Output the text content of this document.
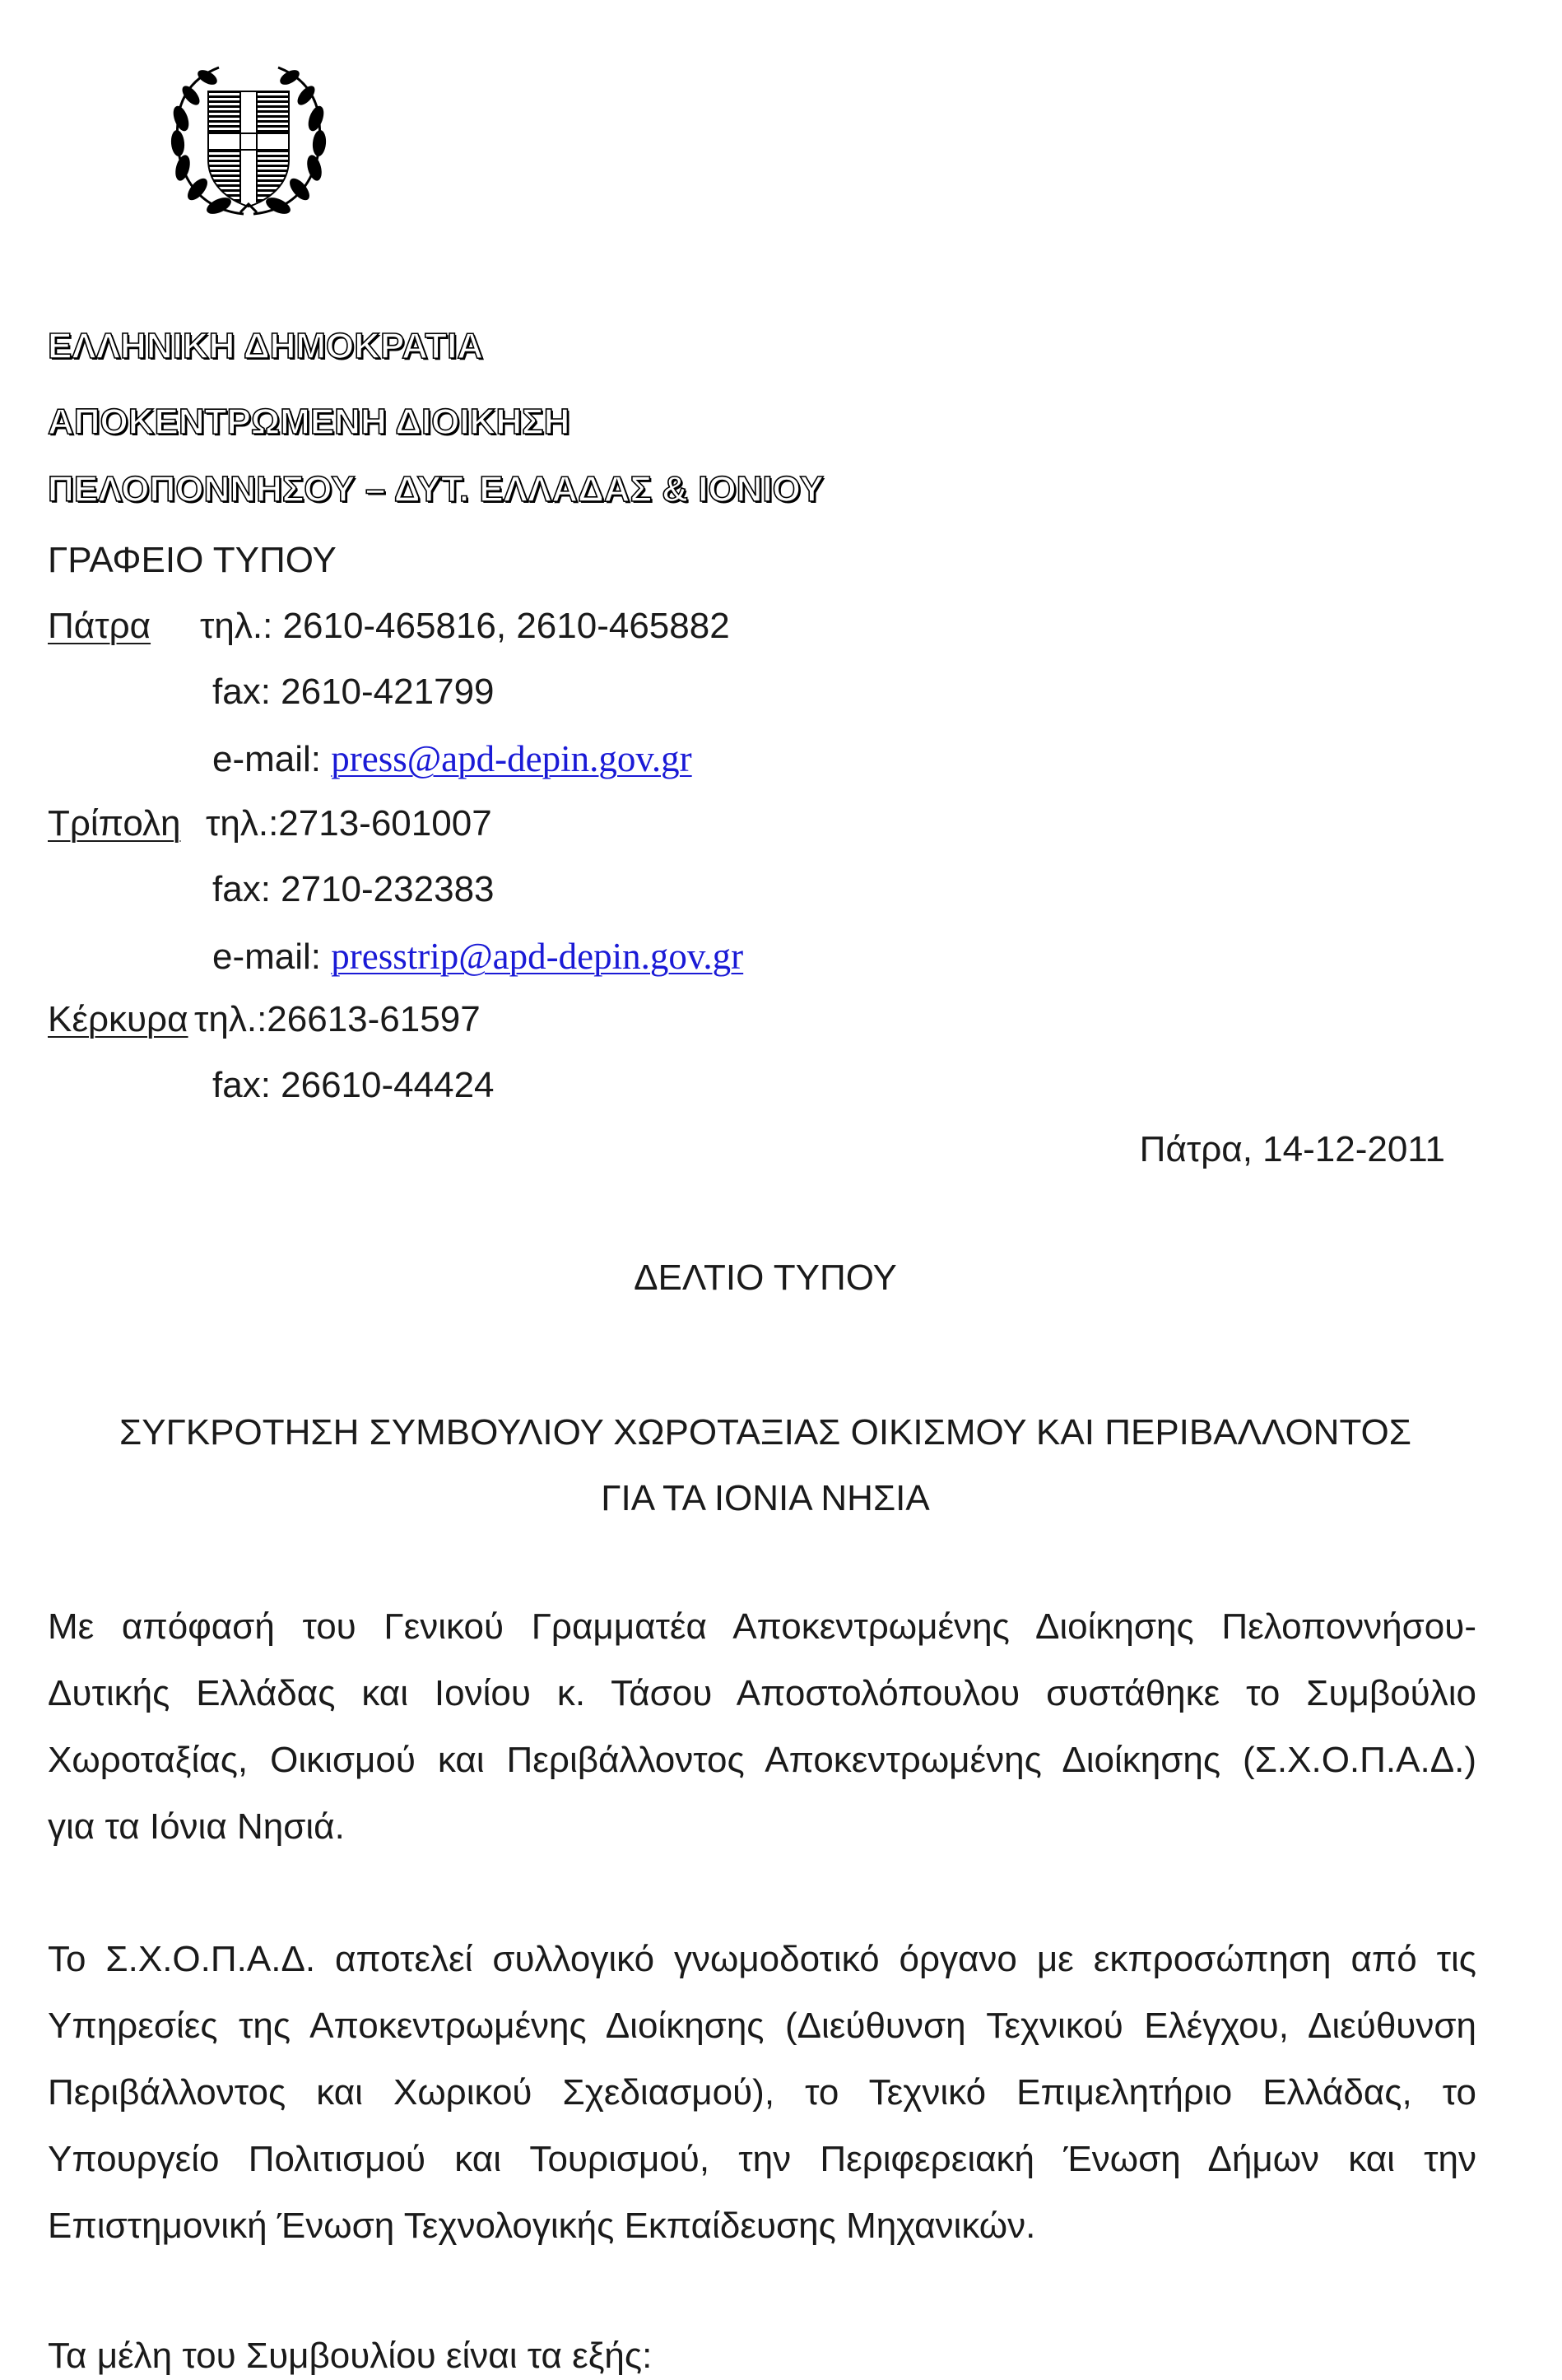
ΕΛΛΗΝΙΚΗ ΔΗΜΟΚΡΑΤΙΑ
ΑΠΟΚΕΝΤΡΩΜΕΝΗ ΔΙΟΙΚΗΣΗ
ΠΕΛΟΠΟΝΝΗΣΟΥ – ΔΥΤ. ΕΛΛΑΔΑΣ & ΙΟΝΙΟΥ
ΓΡΑΦΕΙΟ ΤΥΠΟΥ
Πάτρα τηλ.: 2610-465816, 2610-465882
fax: 2610-421799
e-mail: press@apd-depin.gov.gr
Τρίπολη τηλ.:2713-601007
fax: 2710-232383
e-mail: presstrip@apd-depin.gov.gr
Κέρκυρα τηλ.:26613-61597
fax: 26610-44424
Πάτρα, 14-12-2011
ΔΕΛΤΙΟ ΤΥΠΟΥ
ΣΥΓΚΡΟΤΗΣΗ ΣΥΜΒΟΥΛΙΟΥ ΧΩΡΟΤΑΞΙΑΣ ΟΙΚΙΣΜΟΥ ΚΑΙ ΠΕΡΙΒΑΛΛΟΝΤΟΣ
ΓΙΑ ΤΑ ΙΟΝΙΑ ΝΗΣΙΑ
Με απόφασή του Γενικού Γραμματέα Αποκεντρωμένης Διοίκησης Πελοποννήσου-
Δυτικής Ελλάδας και Ιονίου κ. Τάσου Αποστολόπουλου συστάθηκε το Συμβούλιο
Χωροταξίας, Οικισμού και Περιβάλλοντος Αποκεντρωμένης Διοίκησης (Σ.Χ.Ο.Π.Α.Δ.)
για τα Ιόνια Νησιά.
Το Σ.Χ.Ο.Π.Α.Δ. αποτελεί συλλογικό γνωμοδοτικό όργανο με εκπροσώπηση από τις
Υπηρεσίες της Αποκεντρωμένης Διοίκησης (Διεύθυνση Τεχνικού Ελέγχου, Διεύθυνση
Περιβάλλοντος και Χωρικού Σχεδιασμού), το Τεχνικό Επιμελητήριο Ελλάδας, το
Υπουργείο Πολιτισμού και Τουρισμού, την Περιφερειακή Ένωση Δήμων και την
Επιστημονική Ένωση Τεχνολογικής Εκπαίδευσης Μηχανικών.
Τα μέλη του Συμβουλίου είναι τα εξής:
